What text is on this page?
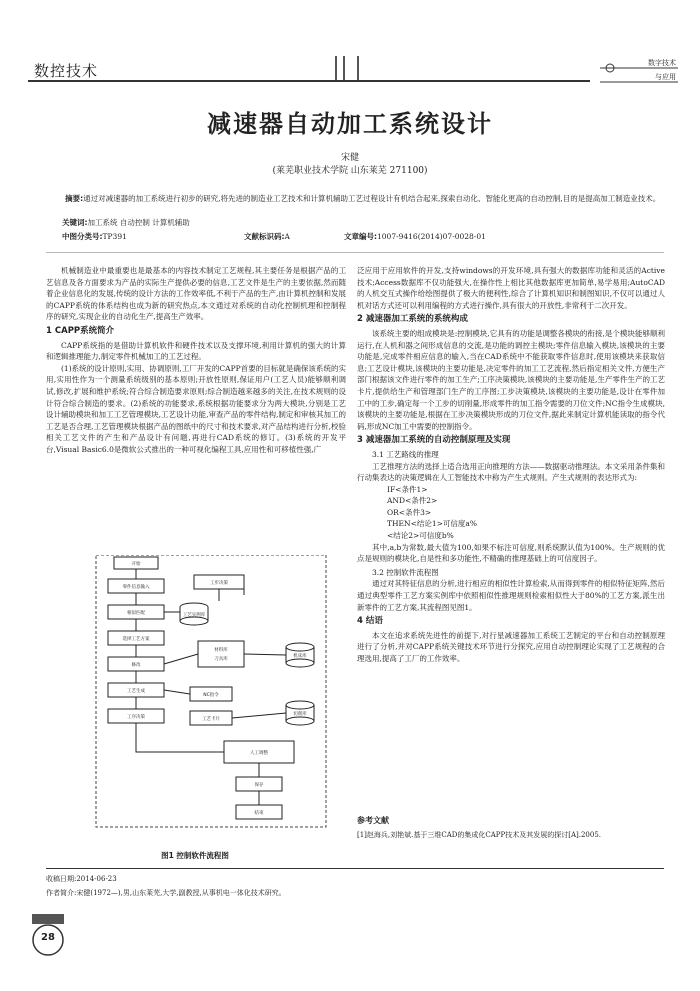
数控技术	数字技术
与应用
减速器自动加工系统设计
宋健
(莱芜职业技术学院 山东莱芜 271100)
摘要:通过对减速器的加工系统进行初步的研究,将先进的制造业工艺技术和计算机辅助工艺过程设计有机结合起来,探索自动化、智能化更高的自动控制,目的是提高加工制造业技术。
关键词:加工系统 自动控制 计算机辅助
中图分类号:TP391	文献标识码:A	文章编号:1007-9416(2014)07-0028-01

机械制造业中最重要也是最基本的内容技术制定工艺规程,其主要任务是根据产品的工艺信息及各方面要求为产品的实际生产提供必要的信息,工艺文件是生产的主要依据,然而随着企业信息化的发展,传统的设计方法的工作效率低,不利于产品的生产,由计算机控制和发展的CAPP系统的体系结构也成为新的研究热点,本文通过对系统的自动化控制机理和控制程序的研究,实现企业的自动化生产,提高生产效率。

1 CAPP系统简介

CAPP系统指的是借助计算机软件和硬件技术以及支撑环境,利用计算机的强大的计算和逻辑推理能力,制定零件机械加工的工艺过程。

(1)系统的设计原则,实用、协调原则,工厂开发的CAPP首要的目标就是确保该系统的实用,实用性作为一个测量系统级别的基本原则;开放性原则,保证用户(工艺人员)能够顺利调试,修改,扩展和维护系统;符合综合制造要求原则;综合制造越来越多的关注,在技术规则的设计符合综合制造的要求。(2)系统的功能要求,系统根据功能要求分为两大模块,分别是工艺设计辅助模块和加工工艺管理模块,工艺设计功能,审查产品的零件结构,制定和审核其加工的工艺是否合理,工艺管理模块根据产品的图纸中的尺寸和技术要求,对产品结构进行分析,校验相关工艺文件的产生和产品设计有问题,再进行CAD系统的修订。(3)系统的开发平台,Visual Basic6.0是微软公式推出的一种可视化编程工具,应用性和可移植性强,广

开始
零件信息输入
相似匹配
选择工艺方案
修改
工艺生成
工序决策
工艺实例库
工步决策
材料库
刀具库
NC指令
工艺卡片
机床库
切削库
人工调整
保存
结束
图1 控制软件流程图

泛应用于应用软件的开发,支持windows的开发环境,具有强大的数据库功能和灵活的Active技术;Access数据库不仅功能强大,在操作性上相比其他数据库更加简单,易学易用;AutoCAD的人机交互式操作给绘图提供了极大的便利性,综合了计算机知识和制图知识,不仅可以通过人机对话方式还可以利用编程的方式进行操作,具有很大的开放性,非常利于二次开发。

2 减速器加工系统的系统构成

该系统主要的组成模块是:控制模块,它具有的功能是调整各模块的衔接,是个模块能够顺利运行,在人机和器之间形成信息的交流,是功能的调控主模块;零件信息输入模块,该模块的主要功能是,完成零件相应信息的输入,当在CAD系统中不能获取零件信息时,使用该模块来获取信息;工艺设计模块,该模块的主要功能是,决定零件的加工工艺流程,然后指定相关文件,方便生产部门根据该文件进行零件的加工生产;工序决策模块,该模块的主要功能是,生产零件生产的工艺卡片,提供给生产和管理部门生产的工序图;工步决策模块,该模块的主要功能是,设计在零件加工中的工步,确定每一个工步的切削量,形成零件的加工指令需要的刀位文件;NC指令生成模块,该模块的主要功能是,根据在工步决策模块形成的刀位文件,据此来制定计算机能读取的指令代码,形成NC加工中需要的控制指令。

3 减速器加工系统的自动控制原理及实现

3.1 工艺路线的推理

工艺推理方法的选择上适合选用正向推理的方法——数据驱动推理法。本文采用条件集和行动集表达的决策逻辑在人工智能技术中称为产生式规则。产生式规则的表达形式为:

IF<条件1>

AND<条件2>

OR<条件3>

THEN<结论1>可信度a%

<结论2>可信度b%

其中,a,b为常数,最大值为100,如果不标注可信度,则系统默认值为100%。生产规则的优点是规则的模块化,自是性和多功能性,不精确的推理基础上的可信度因子。

3.2 控制软件流程图

通过对其特征信息的分析,进行相应的相似性计算检索,从而得到零件的相似特征矩阵,然后通过典型零件工艺方案实例库中依照相似性推理规则检索相似性大于80%的工艺方案,派生出新零件的工艺方案,其流程图见图1。

4 结语

本文在追求系统先进性的前提下,对行星减速器加工系统工艺制定的平台和自动控制原理进行了分析,并对CAPP系统关键技术环节进行分探究,应用自动控制理论实现了工艺规程的合理选用,提高了工厂的工作效率。

参考文献
[1]赵海兵,刘艳斌.基于三维CAD的集成化CAPP技术及其发展的探讨[A].2005.
收稿日期:2014-06-23
作者简介:宋健(1972—),男,山东莱芜,大学,副教授,从事机电一体化技术研究。
28
